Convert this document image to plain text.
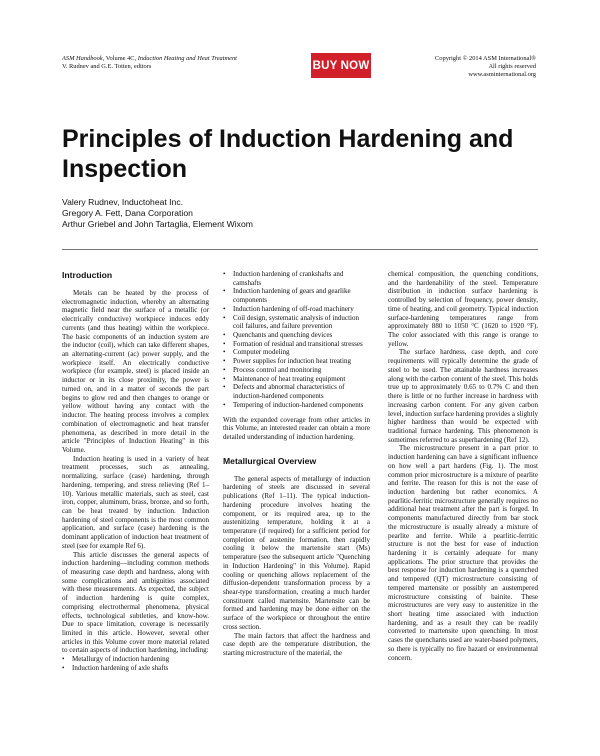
ASM Handbook, Volume 4C, Induction Heating and Heat Treatment
V. Rudnev and G.E. Totten, editors	BUY NOW
Copyright © 2014 ASM International®
All rights reserved
www.asminternational.org
Principles of Induction Hardening and Inspection
Valery Rudnev, Inductoheat Inc.
Gregory A. Fett, Dana Corporation
Arthur Griebel and John Tartaglia, Element Wixom
Introduction

Metals can be heated by the process of electromagnetic induction, whereby an alternating magnetic field near the surface of a metallic (or electrically conductive) workpiece induces eddy currents (and thus heating) within the workpiece. The basic components of an induction system are the inductor (coil), which can take different shapes, an alternating-current (ac) power supply, and the workpiece itself. An electrically conductive workpiece (for example, steel) is placed inside an inductor or in its close proximity, the power is turned on, and in a matter of seconds the part begins to glow red and then changes to orange or yellow without having any contact with the inductor. The heating process involves a complex combination of electromagnetic and heat transfer phenomena, as described in more detail in the article "Principles of Induction Heating" in this Volume.

Induction heating is used in a variety of heat treatment processes, such as annealing, normalizing, surface (case) hardening, through hardening, tempering, and stress relieving (Ref 1–10). Various metallic materials, such as steel, cast iron, copper, aluminum, brass, bronze, and so forth, can be heat treated by induction. Induction hardening of steel components is the most common application, and surface (case) hardening is the dominant application of induction heat treatment of steel (see for example Ref 6).

This article discusses the general aspects of induction hardening—including common methods of measuring case depth and hardness, along with some complications and ambiguities associated with these measurements. As expected, the subject of induction hardening is quite complex, comprising electrothermal phenomena, physical effects, technological subtleties, and know-how. Due to space limitation, coverage is necessarily limited in this article. However, several other articles in this Volume cover more material related to certain aspects of induction hardening, including:

• Metallurgy of induction hardening
• Induction hardening of axle shafts
• Induction hardening of crankshafts and camshafts
• Induction hardening of gears and gearlike components
• Induction hardening of off-road machinery
• Coil design, systematic analysis of induction coil failures, and failure prevention
• Quenchants and quenching devices
• Formation of residual and transitional stresses
• Computer modeling
• Power supplies for induction heat treating
• Process control and monitoring
• Maintenance of heat treating equipment
• Defects and abnormal characteristics of induction-hardened components
• Tempering of induction-hardened components

With the expanded coverage from other articles in this Volume, an interested reader can obtain a more detailed understanding of induction hardening.

Metallurgical Overview

The general aspects of metallurgy of induction hardening of steels are discussed in several publications (Ref 1–11). The typical induction-hardening procedure involves heating the component, or its required area, up to the austenitizing temperature, holding it at a temperature (if required) for a sufficient period for completion of austenite formation, then rapidly cooling it below the martensite start (Ms) temperature (see the subsequent article "Quenching in Induction Hardening" in this Volume). Rapid cooling or quenching allows replacement of the diffusion-dependent transformation process by a shear-type transformation, creating a much harder constituent called martensite. Martensite can be formed and hardening may be done either on the surface of the workpiece or throughout the entire cross section.

The main factors that affect the hardness and case depth are the temperature distribution, the starting microstructure of the material, the

chemical composition, the quenching conditions, and the hardenability of the steel. Temperature distribution in induction surface hardening is controlled by selection of frequency, power density, time of heating, and coil geometry. Typical induction surface-hardening temperatures range from approximately 880 to 1050 °C (1620 to 1920 °F). The color associated with this range is orange to yellow.

The surface hardness, case depth, and core requirements will typically determine the grade of steel to be used. The attainable hardness increases along with the carbon content of the steel. This holds true up to approximately 0.65 to 0.7% C and then there is little or no further increase in hardness with increasing carbon content. For any given carbon level, induction surface hardening provides a slightly higher hardness than would be expected with traditional furnace hardening. This phenomenon is sometimes referred to as superhardening (Ref 12).

The microstructure present in a part prior to induction hardening can have a significant influence on how well a part hardens (Fig. 1). The most common prior microstructure is a mixture of pearlite and ferrite. The reason for this is not the ease of induction hardening but rather economics. A pearlitic-ferritic microstructure generally requires no additional heat treatment after the part is forged. In components manufactured directly from bar stock the microstructure is usually already a mixture of pearlite and ferrite. While a pearlitic-ferritic structure is not the best for ease of induction hardening it is certainly adequate for many applications. The prior structure that provides the best response for induction hardening is a quenched and tempered (QT) microstructure consisting of tempered martensite or possibly an austempered microstructure consisting of bainite. These microstructures are very easy to austenitize in the short heating time associated with induction hardening, and as a result they can be readily converted to martensite upon quenching. In most cases the quenchants used are water-based polymers, so there is typically no fire hazard or environmental concern.
